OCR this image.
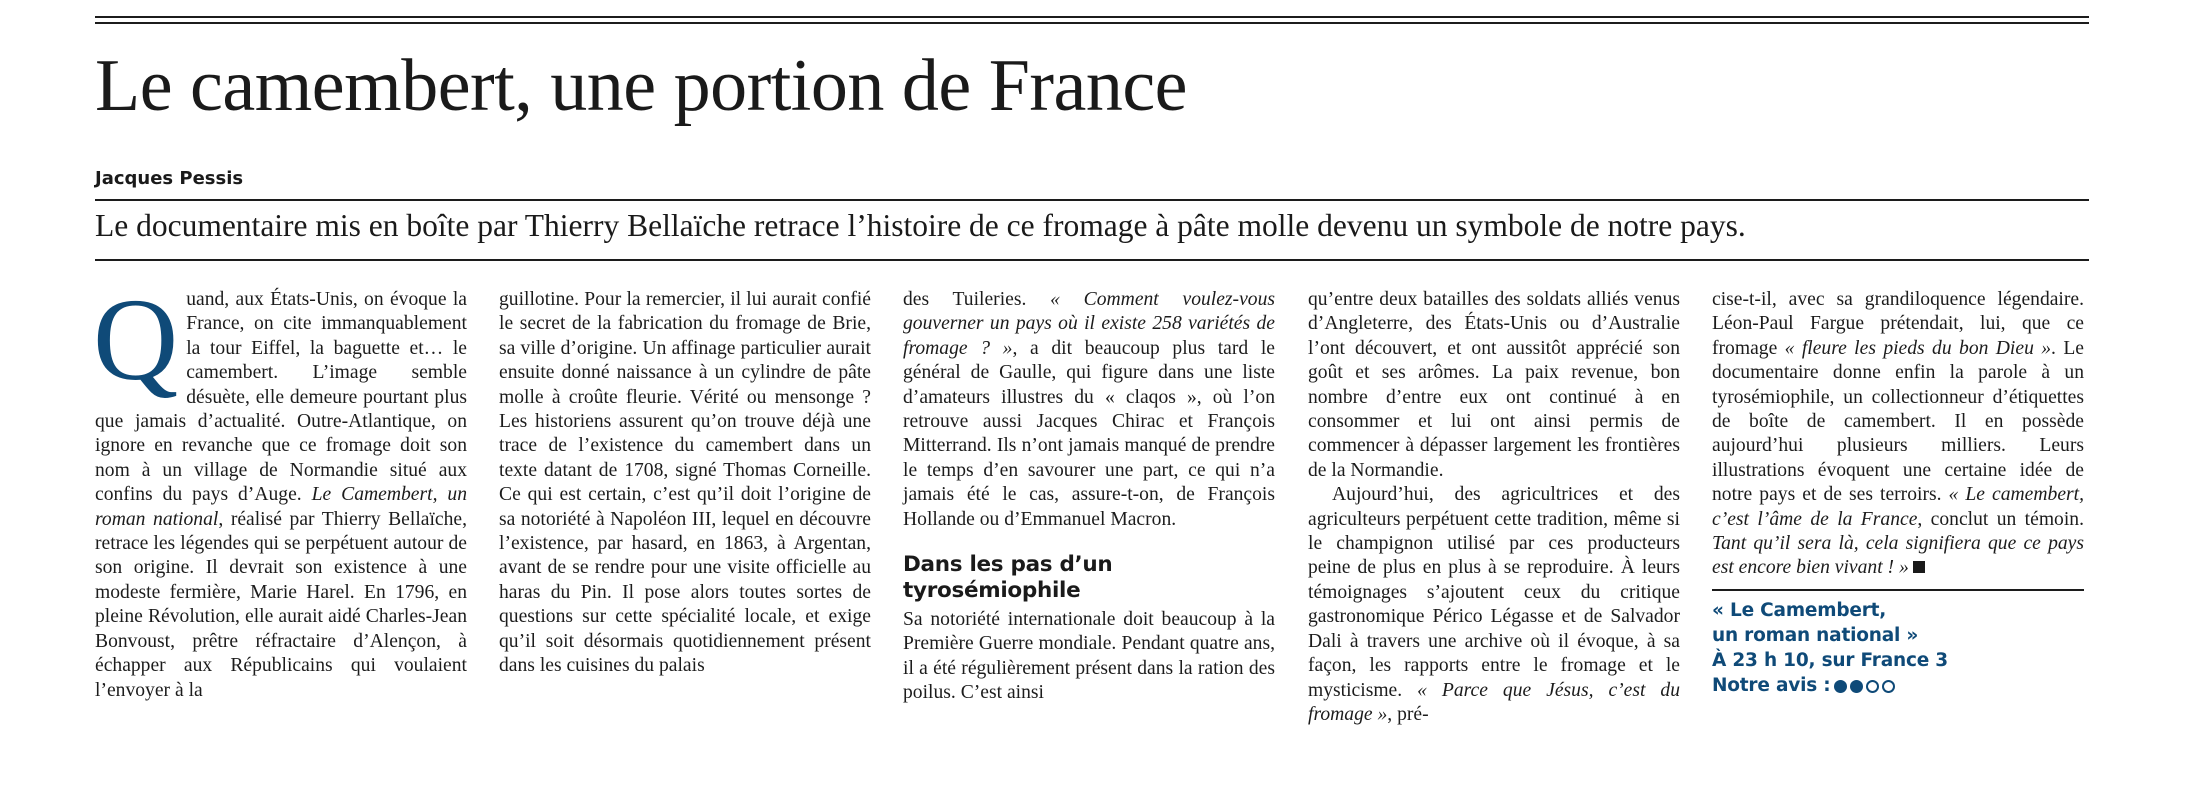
Le camembert, une portion de France
Jacques Pessis

Le documentaire mis en boîte par Thierry Bellaïche retrace l’histoire de ce fromage à pâte molle devenu un symbole de notre pays.

Quand, aux États-Unis, on évoque la France, on cite immanquablement la tour Eiffel, la baguette et… le camembert. L’image semble désuète, elle demeure pourtant plus que jamais d’actualité. Outre-Atlantique, on ignore en revanche que ce fromage doit son nom à un village de Normandie situé aux confins du pays d’Auge. Le Camembert, un roman national, réalisé par Thierry Bellaïche, retrace les légendes qui se perpétuent autour de son origine. Il devrait son existence à une modeste fermière, Marie Harel. En 1796, en pleine Révolution, elle aurait aidé Charles-Jean Bonvoust, prêtre réfractaire d’Alençon, à échapper aux Républicains qui voulaient l’envoyer à la

guillotine. Pour la remercier, il lui aurait confié le secret de la fabrication du fromage de Brie, sa ville d’origine. Un affinage particulier aurait ensuite donné naissance à un cylindre de pâte molle à croûte fleurie. Vérité ou mensonge ? Les historiens assurent qu’on trouve déjà une trace de l’existence du camembert dans un texte datant de 1708, signé Thomas Corneille. Ce qui est certain, c’est qu’il doit l’origine de sa notoriété à Napoléon III, lequel en découvre l’existence, par hasard, en 1863, à Argentan, avant de se rendre pour une visite officielle au haras du Pin. Il pose alors toutes sortes de questions sur cette spécialité locale, et exige qu’il soit désormais quotidiennement présent dans les cuisines du palais

des Tuileries. « Comment voulez-vous gouverner un pays où il existe 258 variétés de fromage ? », a dit beaucoup plus tard le général de Gaulle, qui figure dans une liste d’amateurs illustres du « claqos », où l’on retrouve aussi Jacques Chirac et François Mitterrand. Ils n’ont jamais manqué de prendre le temps d’en savourer une part, ce qui n’a jamais été le cas, assure-t-on, de François Hollande ou d’Emmanuel Macron.

Dans les pas d’un tyrosémiophile

Sa notoriété internationale doit beaucoup à la Première Guerre mondiale. Pendant quatre ans, il a été régulièrement présent dans la ration des poilus. C’est ainsi

qu’entre deux batailles des soldats alliés venus d’Angleterre, des États-Unis ou d’Australie l’ont découvert, et ont aussitôt apprécié son goût et ses arômes. La paix revenue, bon nombre d’entre eux ont continué à en consommer et lui ont ainsi permis de commencer à dépasser largement les frontières de la Normandie.

Aujourd’hui, des agricultrices et des agriculteurs perpétuent cette tradition, même si le champignon utilisé par ces producteurs peine de plus en plus à se reproduire. À leurs témoignages s’ajoutent ceux du critique gastronomique Périco Légasse et de Salvador Dali à travers une archive où il évoque, à sa façon, les rapports entre le fromage et le mysticisme. « Parce que Jésus, c’est du fromage », pré-

cise-t-il, avec sa grandiloquence légendaire. Léon-Paul Fargue prétendait, lui, que ce fromage « fleure les pieds du bon Dieu ». Le documentaire donne enfin la parole à un tyrosémiophile, un collectionneur d’étiquettes de boîte de camembert. Il en possède aujourd’hui plusieurs milliers. Leurs illustrations évoquent une certaine idée de notre pays et de ses terroirs. « Le camembert, c’est l’âme de la France, conclut un témoin. Tant qu’il sera là, cela signifiera que ce pays est encore bien vivant ! »

« Le Camembert,
un roman national »
À 23 h 10, sur France 3
Notre avis :
